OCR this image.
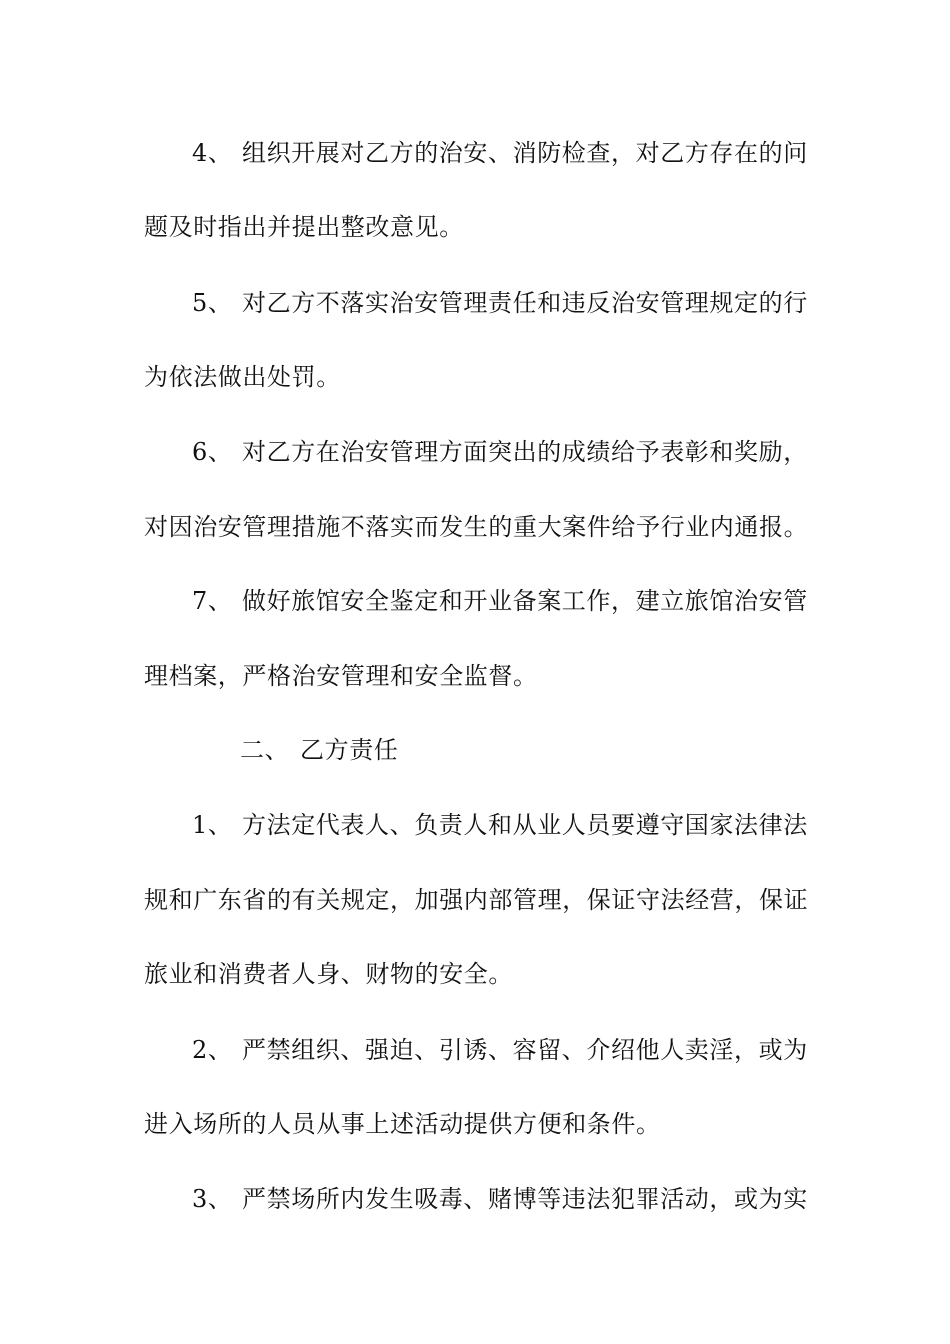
4、 组织开展对乙方的治安、消防检查，对乙方存在的问
题及时指出并提出整改意见。
5、 对乙方不落实治安管理责任和违反治安管理规定的行
为依法做出处罚。
6、 对乙方在治安管理方面突出的成绩给予表彰和奖励，
对因治安管理措施不落实而发生的重大案件给予行业内通报。
7、 做好旅馆安全鉴定和开业备案工作，建立旅馆治安管
理档案，严格治安管理和安全监督。
二、 乙方责任
1、 方法定代表人、负责人和从业人员要遵守国家法律法
规和广东省的有关规定，加强内部管理，保证守法经营，保证
旅业和消费者人身、财物的安全。
2、 严禁组织、强迫、引诱、容留、介绍他人卖淫，或为
进入场所的人员从事上述活动提供方便和条件。
3、 严禁场所内发生吸毒、赌博等违法犯罪活动，或为实
